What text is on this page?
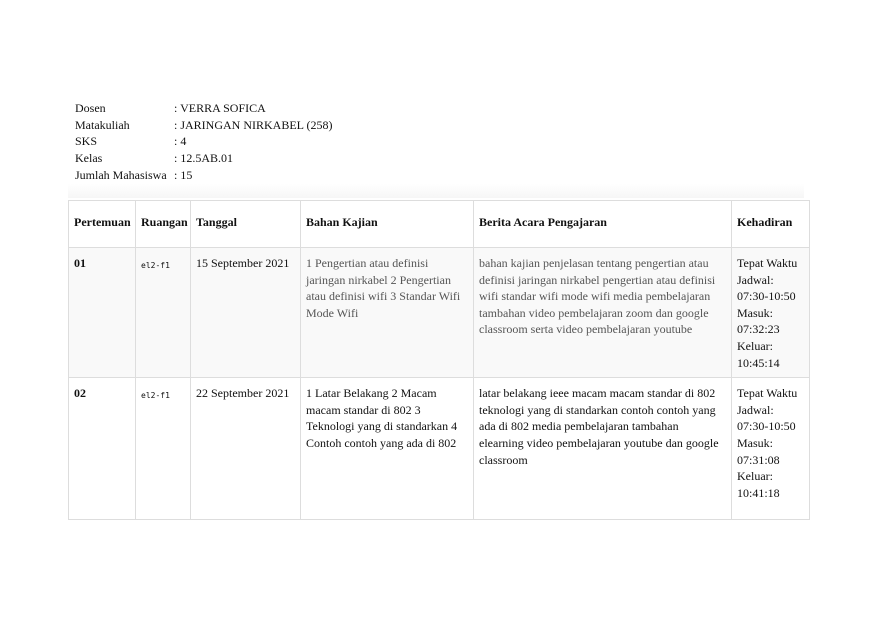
Dosen	: VERRA SOFICA
Matakuliah	: JARINGAN NIRKABEL (258)
SKS	: 4
Kelas	: 12.5AB.01
Jumlah Mahasiswa : 15
Pertemuan	Ruangan	Tanggal	Bahan Kajian	Berita Acara Pengajaran	Kehadiran
01	el2-f1	15 September 2021	1 Pengertian atau definisi jaringan nirkabel 2 Pengertian atau definisi wifi 3 Standar Wifi Mode Wifi	bahan kajian penjelasan tentang pengertian atau definisi jaringan nirkabel pengertian atau definisi wifi standar wifi mode wifi media pembelajaran tambahan video pembelajaran zoom dan google classroom serta video pembelajaran youtube	Tepat Waktu Jadwal: 07:30-10:50 Masuk: 07:32:23 Keluar: 10:45:14
02	el2-f1	22 September 2021	1 Latar Belakang 2 Macam macam standar di 802 3 Teknologi yang di standarkan 4 Contoh contoh yang ada di 802	latar belakang ieee macam macam standar di 802 teknologi yang di standarkan contoh contoh yang ada di 802 media pembelajaran tambahan elearning video pembelajaran youtube dan google classroom	Tepat Waktu Jadwal: 07:30-10:50 Masuk: 07:31:08 Keluar: 10:41:18
